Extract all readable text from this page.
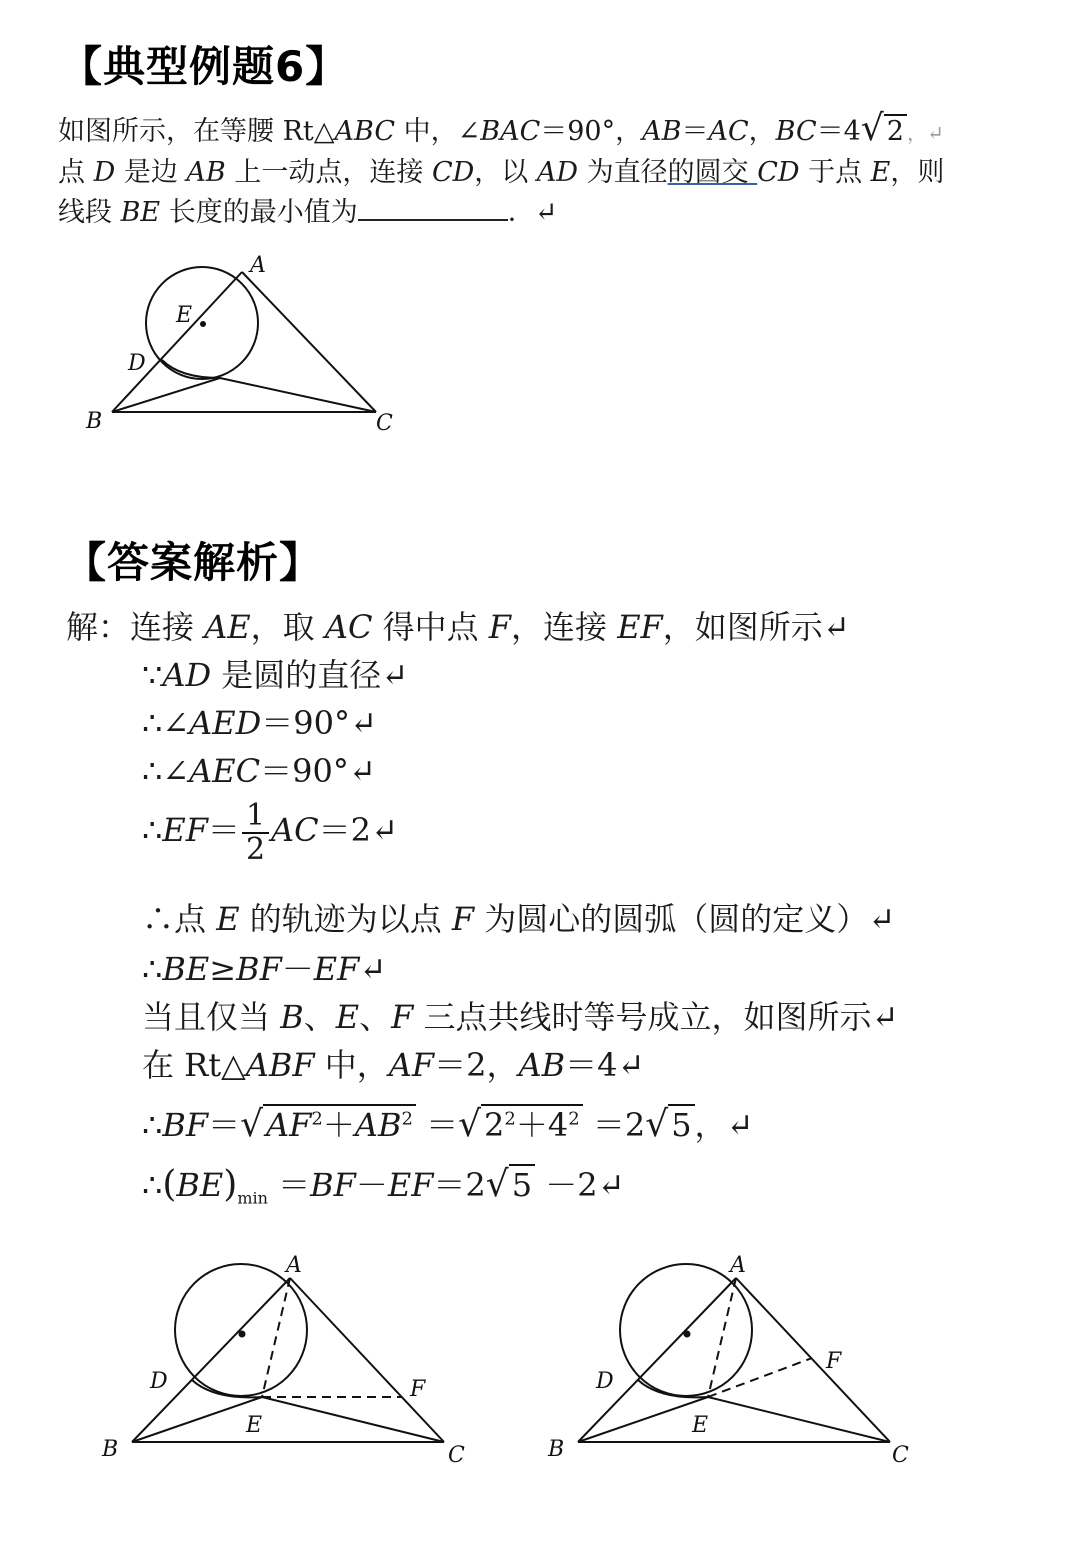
【典型例题6】
如图所示，在等腰 Rt△ABC 中，∠BAC＝90°，AB＝AC，BC＝4√ 2 ，↵
点 D 是边 AB 上一动点，连接 CD，以 AD 为直径的圆交 CD 于点 E，则
线段 BE 长度的最小值为	．↵
A
E
D
B	C
【答案解析】
解：连接 AE，取 AC 得中点 F，连接 EF，如图所示↵
∵AD 是圆的直径↵
∴∠AED＝90°↵
∴∠AEC＝90°↵
∴EF＝ $\frac{1}{2}$ AC＝2↵
∴点 E 的轨迹为以点 F 为圆心的圆弧（圆的定义）↵
∴BE≥BF－EF↵
当且仅当 B、E、F 三点共线时等号成立，如图所示↵
在 Rt△ABF 中，AF＝2，AB＝4↵
$\therefore BF=√AF^2+AB^2 =√2^2+4^2 =2√5$，↵
$\therefore(BE)_{min} =BF-EF=2√5$ －2↵
A
D
E
F
B	C
A
D
E
F
B	C
